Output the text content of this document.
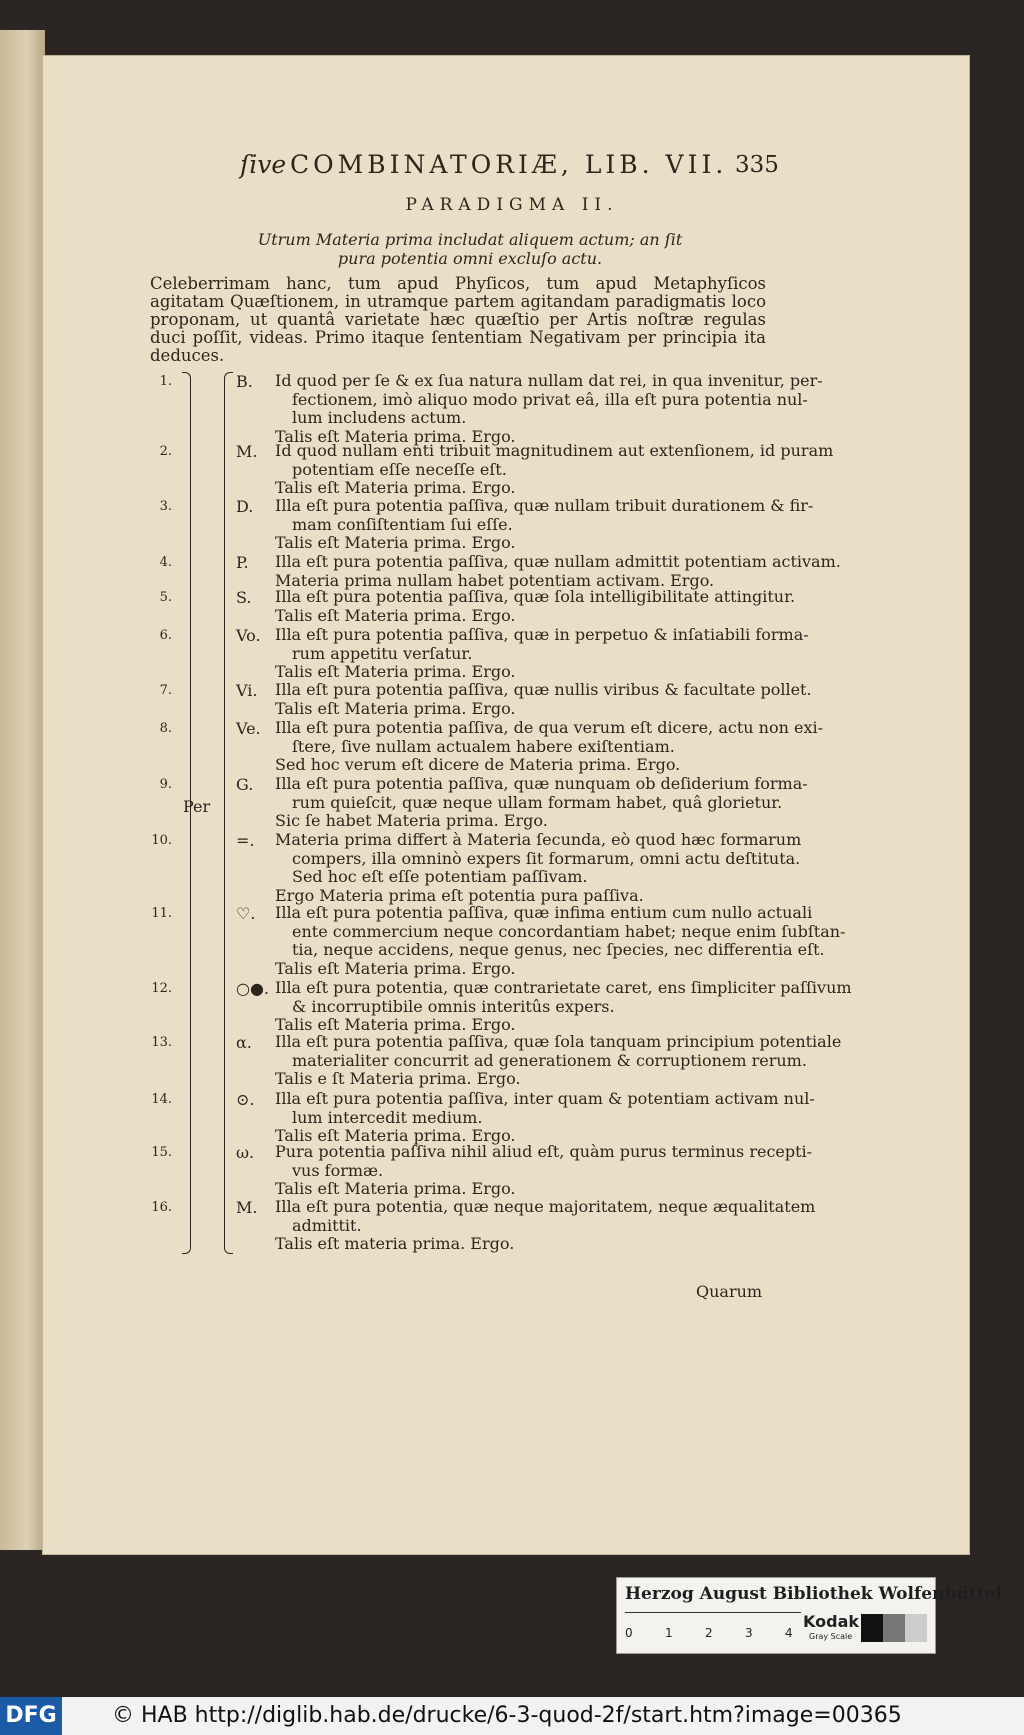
ſive COMBINATORIÆ, LIB. VII. 335
PARADIGMA II.
Utrum Materia prima includat aliquem actum; an ſit
pura potentia omni excluſo actu.
Celeberrimam hanc, tum apud Phyſicos, tum apud Metaphyſicos agitatam Quæſtionem, in utramque partem agitandam paradigmatis loco proponam, ut quantâ varietate hæc quæſtio per Artis noſtræ regulas duci poſſit, videas. Primo itaque ſententiam Negativam per principia ita deduces.
Per
1.	B.	Id quod per ſe & ex ſua natura nullam dat rei, in qua invenitur, per-
fectionem, imò aliquo modo privat eâ, illa eſt pura potentia nul-
lum includens actum.
Talis eſt Materia prima. Ergo.
2.	M.	Id quod nullam enti tribuit magnitudinem aut extenſionem, id puram
potentiam eſſe neceſſe eſt.
Talis eſt Materia prima. Ergo.
3.	D.	Illa eſt pura potentia paſſiva, quæ nullam tribuit durationem & fir-
mam conſiſtentiam ſui eſſe.
Talis eſt Materia prima. Ergo.
4.	P.	Illa eſt pura potentia paſſiva, quæ nullam admittit potentiam activam.
Materia prima nullam habet potentiam activam. Ergo.
5.	S.	Illa eſt pura potentia paſſiva, quæ ſola intelligibilitate attingitur.
Talis eſt Materia prima. Ergo.
6.	Vo. Illa eſt pura potentia paſſiva, quæ in perpetuo & inſatiabili forma-
rum appetitu verſatur.
Talis eſt Materia prima. Ergo.
7.	Vi.	Illa eſt pura potentia paſſiva, quæ nullis viribus & facultate pollet.
Talis eſt Materia prima. Ergo.
8.	Ve. Illa eſt pura potentia paſſiva, de qua verum eſt dicere, actu non exi-
ſtere, ſive nullam actualem habere exiſtentiam.
Sed hoc verum eſt dicere de Materia prima. Ergo.
9.	G.	Illa eſt pura potentia paſſiva, quæ nunquam ob deſiderium forma-
rum quieſcit, quæ neque ullam formam habet, quâ glorietur.
Sic ſe habet Materia prima. Ergo.
10.	=.	Materia prima differt à Materia ſecunda, eò quod hæc formarum
compers, illa omninò expers ſit formarum, omni actu deſtituta.
Sed hoc eſt eſſe potentiam paſſivam.
Ergo Materia prima eſt potentia pura paſſiva.
11.	♡.	Illa eſt pura potentia paſſiva, quæ infima entium cum nullo actuali
ente commercium neque concordantiam habet; neque enim ſubſtan-
tia, neque accidens, neque genus, nec ſpecies, nec differentia eſt.
Talis eſt Materia prima. Ergo.
12.	○●. Illa eſt pura potentia, quæ contrarietate caret, ens ſimpliciter paſſivum
& incorruptibile omnis interitûs expers.
Talis eſt Materia prima. Ergo.
13.	α.	Illa eſt pura potentia paſſiva, quæ ſola tanquam principium potentiale
materialiter concurrit ad generationem & corruptionem rerum.
Talis e ſt Materia prima. Ergo.
14.	⊙.	Illa eſt pura potentia paſſiva, inter quam & potentiam activam nul-
lum intercedit medium.
Talis eſt Materia prima. Ergo.
15.	ω.	Pura potentia paſſiva nihil aliud eſt, quàm purus terminus recepti-
vus formæ.
Talis eſt Materia prima. Ergo.
16.	M.	Illa eſt pura potentia, quæ neque majoritatem, neque æqualitatem
admittit.
Talis eſt materia prima. Ergo.
Quarum
Herzog August Bibliothek Wolfenbüttel
0	1	2	3	4
Kodak
Gray Scale
DFG	© HAB http://diglib.hab.de/drucke/6-3-quod-2f/start.htm?image=00365
